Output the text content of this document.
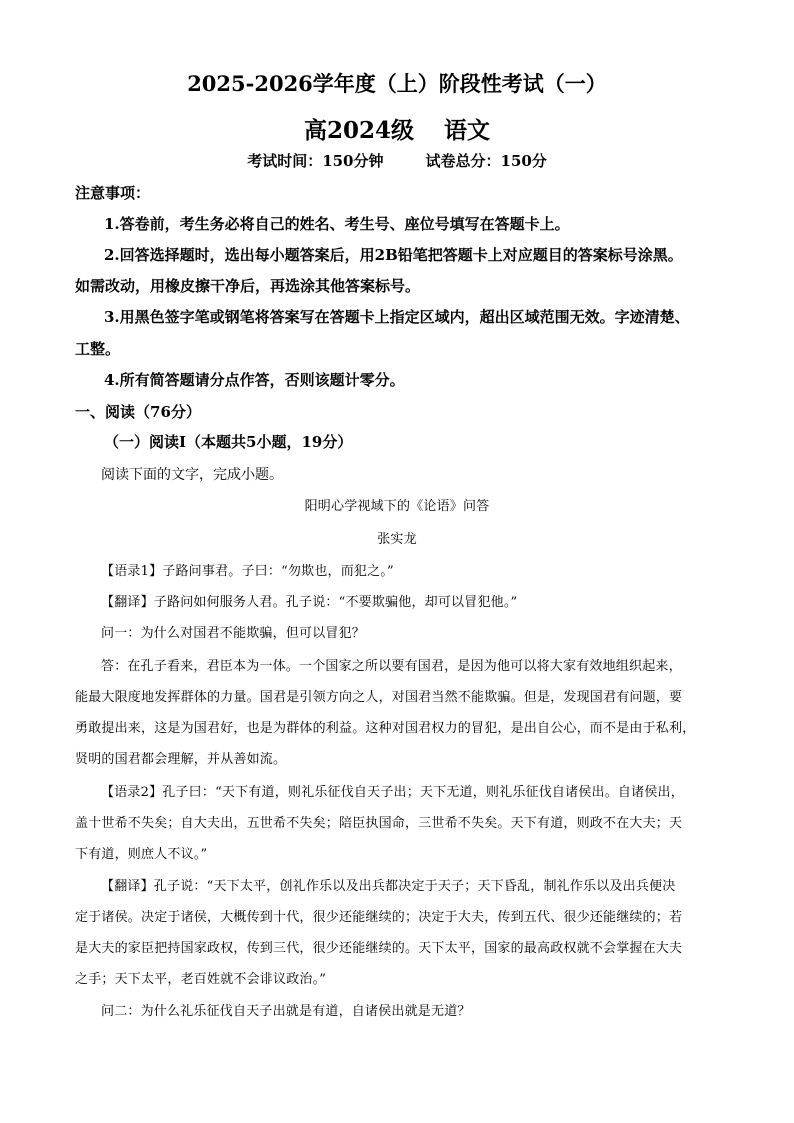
2025-2026学年度（上）阶段性考试（一）
高2024级 语文
考试时间：150分钟	试卷总分：150分
注意事项：
1.答卷前，考生务必将自己的姓名、考生号、座位号填写在答题卡上。
2.回答选择题时，选出每小题答案后，用2B铅笔把答题卡上对应题目的答案标号涂黑。
如需改动，用橡皮擦干净后，再选涂其他答案标号。
3.用黑色签字笔或钢笔将答案写在答题卡上指定区域内，超出区域范围无效。字迹清楚、
工整。
4.所有简答题请分点作答，否则该题计零分。
一、阅读（76分）
（一）阅读Ⅰ（本题共5小题，19分）
阅读下面的文字，完成小题。
阳明心学视域下的《论语》问答
张实龙
【语录1】子路问事君。子曰：“勿欺也，而犯之。”
【翻译】子路问如何服务人君。孔子说：“不要欺骗他，却可以冒犯他。”
问一：为什么对国君不能欺骗，但可以冒犯？
答：在孔子看来，君臣本为一体。一个国家之所以要有国君，是因为他可以将大家有效地组织起来，
能最大限度地发挥群体的力量。国君是引领方向之人，对国君当然不能欺骗。但是，发现国君有问题，要
勇敢提出来，这是为国君好，也是为群体的利益。这种对国君权力的冒犯，是出自公心，而不是由于私利，
贤明的国君都会理解，并从善如流。
【语录2】孔子曰：“天下有道，则礼乐征伐自天子出；天下无道，则礼乐征伐自诸侯出。自诸侯出，
盖十世希不失矣；自大夫出，五世希不失矣；陪臣执国命，三世希不失矣。天下有道，则政不在大夫；天
下有道，则庶人不议。”
【翻译】孔子说：“天下太平，创礼作乐以及出兵都决定于天子；天下昏乱，制礼作乐以及出兵便决
定于诸侯。决定于诸侯，大概传到十代，很少还能继续的；决定于大夫，传到五代、很少还能继续的；若
是大夫的家臣把持国家政权，传到三代，很少还能继续的。天下太平，国家的最高政权就不会掌握在大夫
之手；天下太平，老百姓就不会诽议政治。”
问二：为什么礼乐征伐自天子出就是有道，自诸侯出就是无道？
